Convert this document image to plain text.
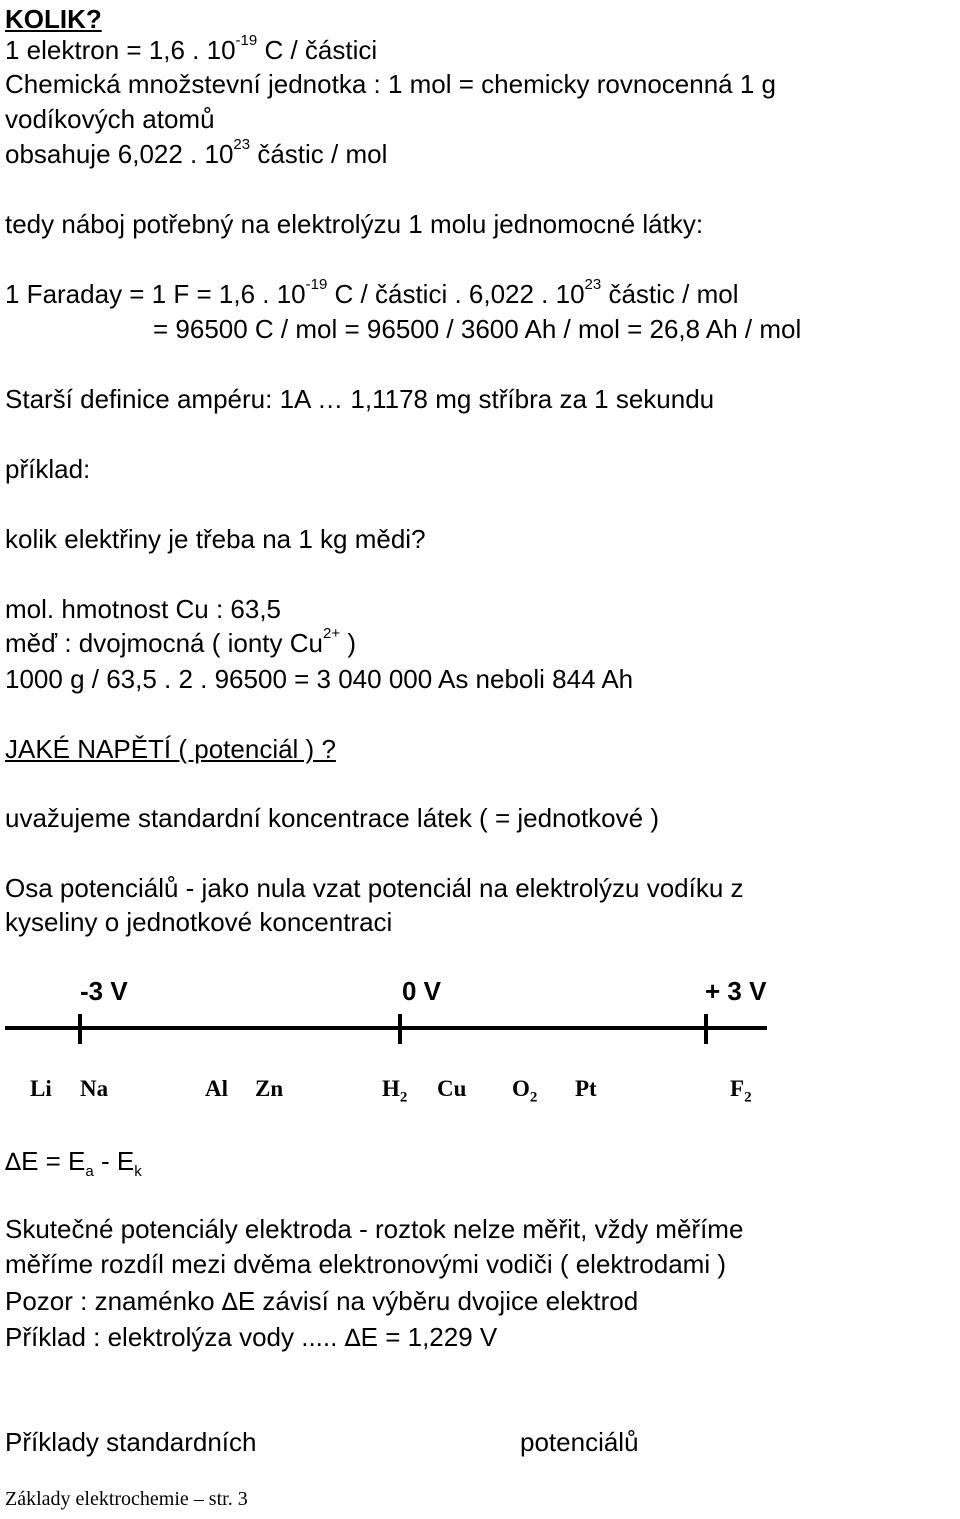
KOLIK?
1 elektron = 1,6 . $10^{-19}$ C / částici
Chemická množstevní jednotka : 1 mol = chemicky rovnocenná 1 g
vodíkových atomů
obsahuje 6,022 . $10^{23}$ částic / mol
tedy náboj potřebný na elektrolýzu 1 molu jednomocné látky:
1 Faraday = 1 F = 1,6 . $10^{-19}$ C / částici . 6,022 . $10^{23}$ částic / mol
= 96500 C / mol = 96500 / 3600 Ah / mol = 26,8 Ah / mol
Starší definice ampéru: 1A … 1,1178 mg stříbra za 1 sekundu
příklad:
kolik elektřiny je třeba na 1 kg mědi?
mol. hmotnost Cu : 63,5
měď : dvojmocná ( ionty $Cu^{2+}$ )
1000 g / 63,5 . 2 . 96500 = 3 040 000 As neboli 844 Ah
JAKÉ NAPĚTÍ ( potenciál ) ?
uvažujeme standardní koncentrace látek ( = jednotkové )
Osa potenciálů - jako nula vzat potenciál na elektrolýzu vodíku z
kyseliny o jednotkové koncentraci
-3 V	0 V	+ 3 V
Li Na	Al Zn	$H_2$ Cu $O_2$ Pt	$F_2$
$\Delta E = E_a - E_k$
Skutečné potenciály elektroda - roztok nelze měřit, vždy měříme
měříme rozdíl mezi dvěma elektronovými vodiči ( elektrodami )
Pozor : znaménko ∆E závisí na výběru dvojice elektrod
Příklad : elektrolýza vody ..... ∆E = 1,229 V
Příklady standardních	potenciálů
Základy elektrochemie – str. 3
